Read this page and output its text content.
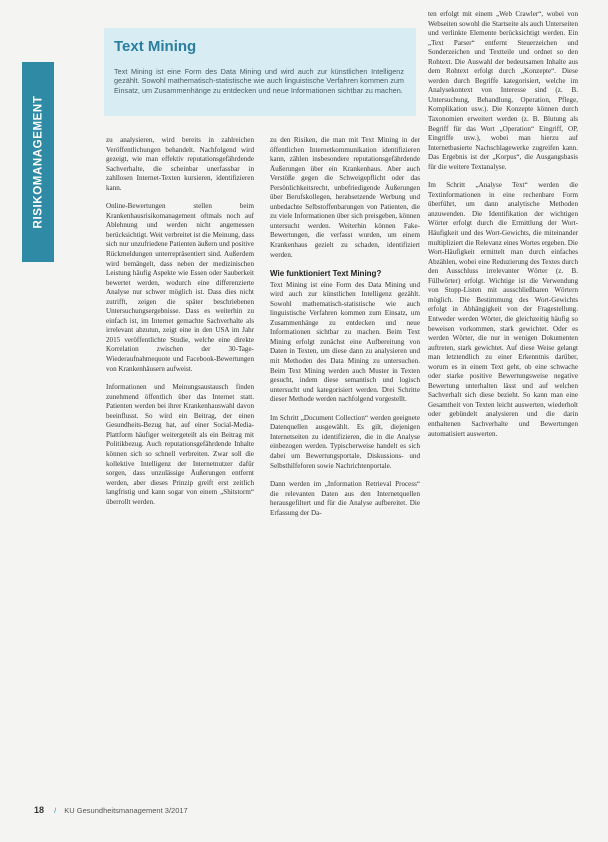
RISIKOMANAGEMENT
Text Mining

Text Mining ist eine Form des Data Mining und wird auch zur künstlichen Intelligenz gezählt. Sowohl mathematisch-statistische wie auch linguistische Verfahren kommen zum Einsatz, um Zusammenhänge zu entdecken und neue Informationen sichtbar zu machen.

zu analysieren, wird bereits in zahlreichen Veröffentlichungen behandelt. Nachfolgend wird gezeigt, wie man effektiv reputationsgefährdende Sachverhalte, die scheinbar unerfassbar in zahllosen Internet-Texten kursieren, identifizieren kann.

Online-Bewertungen stellen beim Krankenhausrisikomanagement oftmals noch auf Ablehnung und werden nicht angemessen berücksichtigt. Weit verbreitet ist die Meinung, dass sich nur unzufriedene Patienten äußern und positive Rückmeldungen unterrepräsentiert sind. Außerdem wird bemängelt, dass neben der medizinischen Leistung häufig Aspekte wie Essen oder Sauberkeit bewertet werden, wodurch eine differenzierte Analyse nur schwer möglich ist. Dass dies nicht zutrifft, zeigen die später beschriebenen Untersuchungsergebnisse. Dass es weiterhin zu einfach ist, im Internet gemachte Sachverhalte als irrelevant abzutun, zeigt eine in den USA im Jahr 2015 veröffentlichte Studie, welche eine direkte Korrelation zwischen der 30-Tage-Wiederaufnahmequote und Facebook-Bewertungen von Krankenhäusern aufweist.

Informationen und Meinungsaustausch finden zunehmend öffentlich über das Internet statt. Patienten werden bei ihrer Krankenhauswahl davon beeinflusst. So wird ein Beitrag, der einen Gesundheits-Bezug hat, auf einer Social-Media-Plattform häufiger weitergeteilt als ein Beitrag mit Politikbezug. Auch reputationsgefährdende Inhalte können sich so schnell verbreiten. Zwar soll die kollektive Intelligenz der Internetnutzer dafür sorgen, dass unzulässige Äußerungen entfernt werden, aber dieses Prinzip greift erst zeitlich langfristig und kann sogar von einem „Shitstorm“ überrollt werden.

zu den Risiken, die man mit Text Mining in der öffentlichen Internetkommunikation identifizieren kann, zählen insbesondere reputationsgefährdende Äußerungen über ein Krankenhaus. Aber auch Verstöße gegen die Schweigepflicht oder das Persönlichkeitsrecht, unbefriedigende Äußerungen über Berufskollegen, herabsetzende Werbung und unbedachte Selbstoffenbarungen von Patienten, die zu viele Informationen über sich preisgeben, können untersucht werden. Weiterhin können Fake-Bewertungen, die verfasst wurden, um einem Krankenhaus gezielt zu schaden, identifiziert werden.

Wie funktioniert Text Mining?

Text Mining ist eine Form des Data Mining und wird auch zur künstlichen Intelligenz gezählt. Sowohl mathematisch-statistische wie auch linguistische Verfahren kommen zum Einsatz, um Zusammenhänge zu entdecken und neue Informationen sichtbar zu machen. Beim Text Mining erfolgt zunächst eine Aufbereitung von Daten in Texten, um diese dann zu analysieren und mit Methoden des Data Mining zu untersuchen. Beim Text Mining werden auch Muster in Texten gesucht, indem diese semantisch und logisch untersucht und kategorisiert werden. Drei Schritte dieser Methode werden nachfolgend vorgestellt.

Im Schritt „Document Collection“ werden geeignete Datenquellen ausgewählt. Es gilt, diejenigen Internetseiten zu identifizieren, die in die Analyse einbezogen werden. Typischerweise handelt es sich dabei um Bewertungsportale, Diskussions- und Selbsthilfeforen sowie Nachrichtenportale.

Dann werden im „Information Retrieval Process“ die relevanten Daten aus den Internetquellen herausgefiltert und für die Analyse aufbereitet. Die Erfassung der Da-

ten erfolgt mit einem „Web Crawler“, wobei von Webseiten sowohl die Startseite als auch Unterseiten und verlinkte Elemente berücksichtigt werden. Ein „Text Parser“ entfernt Steuerzeichen und Sonderzeichen und Textteile und ordnet so den Rohtext. Die Auswahl der bedeutsamen Inhalte aus dem Rohtext erfolgt durch „Konzepte“. Diese werden durch Begriffe kategorisiert, welche im Analysekontext von Interesse sind (z. B. Untersuchung, Behandlung, Operation, Pflege, Komplikation usw.). Die Konzepte können durch Taxonomien erweitert werden (z. B. Blutung als Begriff für das Wort „Operation“ Eingriff, OP, Eingriffe usw.), wobei man hierzu auf Internetbasierte Nachschlagewerke zugreifen kann. Das Ergebnis ist der „Korpus“, die Ausgangsbasis für die weitere Textanalyse.

Im Schritt „Analyse Text“ werden die Textinformationen in eine rechenbare Form überführt, um dann analytische Methoden anzuwenden. Die Identifikation der wichtigen Wörter erfolgt durch die Ermittlung der Wort-Häufigkeit und des Wort-Gewichts, die miteinander multipliziert die Relevanz eines Wortes ergeben. Die Wort-Häufigkeit ermittelt man durch einfaches Abzählen, wobei eine Reduzierung des Textes durch den Ausschluss irrelevanter Wörter (z. B. Füllwörter) erfolgt. Wichtige ist die Verwendung von Stopp-Listen mit ausschließbaren Wörtern möglich. Die Bestimmung des Wort-Gewichts erfolgt in Abhängigkeit von der Fragestellung. Entweder werden Wörter, die gleichzeitig häufig so beweisen vorkommen, stark gewichtet. Oder es werden Wörter, die nur in wenigen Dokumenten auftreten, stark gewichtet. Auf diese Weise gelangt man letztendlich zu einer Erkenntnis darüber, worum es in einem Text geht, ob eine schwache oder starke positive Bewertungsweise negative Bewertung unterhalten lässt und auf welchen Sachverhalt sich diese bezieht. So kann man eine Gesamtheit von Texten leicht auswerten, wiederholt oder gebündelt analysieren und die darin enthaltenen Sachverhalte und Bewertungen automatisiert auswerten.

18 / KU Gesundheitsmanagement 3/2017
